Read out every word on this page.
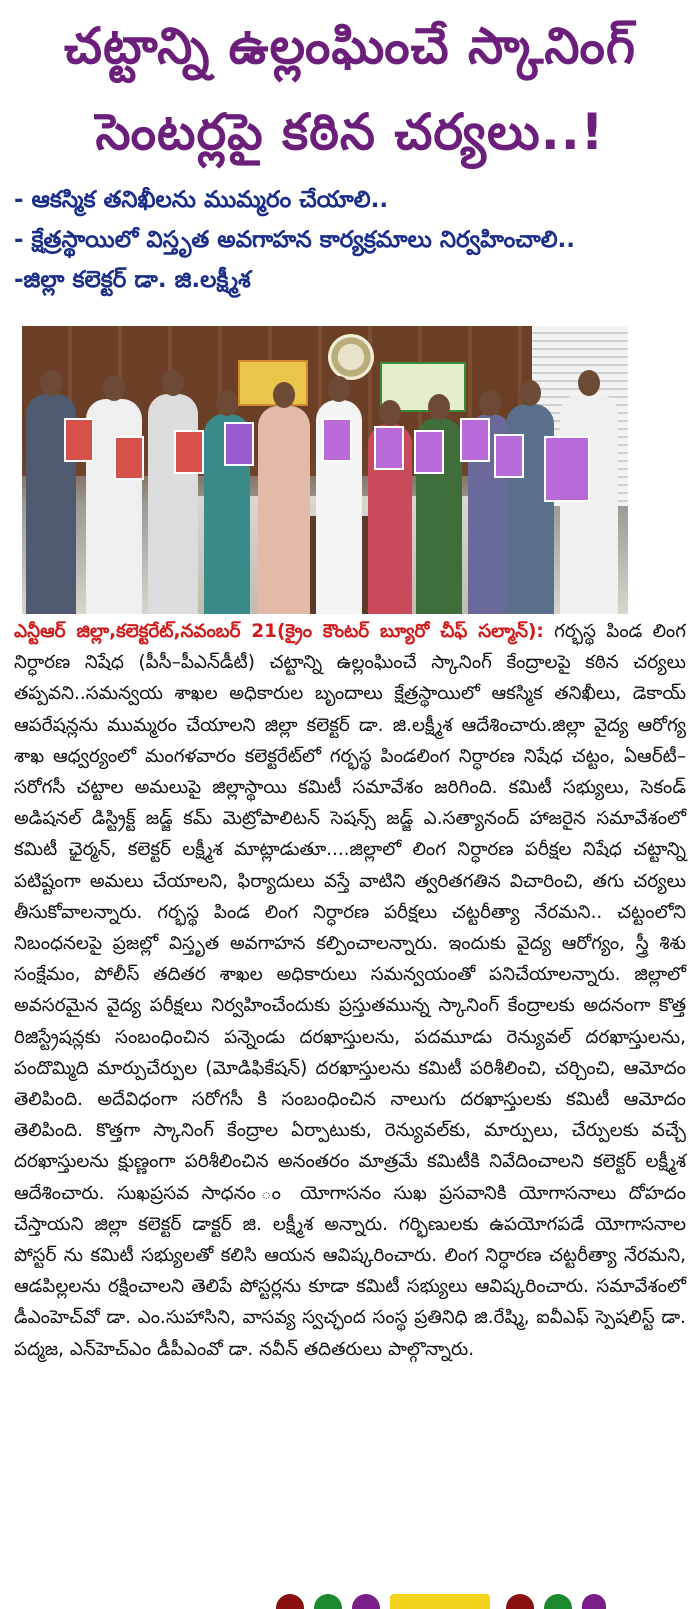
చట్టాన్ని ఉల్లంఘించే స్కానింగ్
సెంటర్లపై కఠిన చర్యలు..!
- ఆకస్మిక తనిఖీలను ముమ్మరం చేయాలి..
- క్షేత్రస్థాయిలో విస్తృత అవగాహన కార్యక్రమాలు నిర్వహించాలి..
-జిల్లా కలెక్టర్ డా. జి.లక్ష్మీశ
ఎన్టీఆర్ జిల్లా,కలెక్టరేట్,నవంబర్ 21(క్రైం కౌంటర్ బ్యూరో చీఫ్ సల్మాన్): గర్భస్థ పిండ లింగ నిర్ధారణ నిషేధ (పీసీ–పీఎన్‌డీటీ) చట్టాన్ని ఉల్లంఘించే స్కానింగ్ కేంద్రాలపై కఠిన చర్యలు తప్పవని..సమన్వయ శాఖల అధికారుల బృందాలు క్షేత్రస్థాయిలో ఆకస్మిక తనిఖీలు, డెకాయ్ ఆపరేషన్లను ముమ్మరం చేయాలని జిల్లా కలెక్టర్ డా. జి.లక్ష్మీశ ఆదేశించారు.జిల్లా వైద్య ఆరోగ్య శాఖ ఆధ్వర్యంలో మంగళవారం కలెక్టరేట్‌లో గర్భస్థ పిండలింగ నిర్ధారణ నిషేధ చట్టం, ఏఆర్‌టీ–సరోగసీ చట్టాల అమలుపై జిల్లాస్థాయి కమిటీ సమావేశం జరిగింది. కమిటీ సభ్యులు, సెకండ్ అడిషనల్ డిస్ట్రిక్ట్ జడ్జ్ కమ్ మెట్రోపాలిటన్ సెషన్స్ జడ్జ్ ఎ.సత్యానంద్ హాజరైన సమావేశంలో కమిటీ ఛైర్మన్, కలెక్టర్ లక్ష్మీశ మాట్లాడుతూ....జిల్లాలో లింగ నిర్ధారణ పరీక్షల నిషేధ చట్టాన్ని పటిష్టంగా అమలు చేయాలని, ఫిర్యాదులు వస్తే వాటిని త్వరితగతిన విచారించి, తగు చర్యలు తీసుకోవాలన్నారు. గర్భస్థ పిండ లింగ నిర్ధారణ పరీక్షలు చట్టరీత్యా నేరమని.. చట్టంలోని నిబంధనలపై ప్రజల్లో విస్తృత అవగాహన కల్పించాలన్నారు. ఇందుకు వైద్య ఆరోగ్యం, స్త్రీ శిశు సంక్షేమం, పోలీస్ తదితర శాఖల అధికారులు సమన్వయంతో పనిచేయాలన్నారు. జిల్లాలో అవసరమైన వైద్య పరీక్షలు నిర్వహించేందుకు ప్రస్తుతమున్న స్కానింగ్ కేంద్రాలకు అదనంగా కొత్త రిజిస్ట్రేషన్లకు సంబంధించిన పన్నెండు దరఖాస్తులను, పదమూడు రెన్యువల్ దరఖాస్తులను, పందొమ్మిది మార్పుచేర్పుల (మోడిఫికేషన్) దరఖాస్తులను కమిటీ పరిశీలించి, చర్చించి, ఆమోదం తెలిపింది. అదేవిధంగా సరోగసీ కి సంబంధించిన నాలుగు దరఖాస్తులకు కమిటీ ఆమోదం తెలిపింది. కొత్తగా స్కానింగ్ కేంద్రాల ఏర్పాటుకు, రెన్యువల్‌కు, మార్పులు, చేర్పులకు వచ్చే దరఖాస్తులను క్షుణ్ణంగా పరిశీలించిన అనంతరం మాత్రమే కమిటీకి నివేదించాలని కలెక్టర్ లక్ష్మీశ ఆదేశించారు. సుఖప్రసవ సాధనం ం యోగాసనం సుఖ ప్రసవానికి యోగాసనాలు దోహదం చేస్తాయని జిల్లా కలెక్టర్ డాక్టర్ జి. లక్ష్మీశ అన్నారు. గర్భిణులకు ఉపయోగపడే యోగాసనాల పోస్టర్ ను కమిటీ సభ్యులతో కలిసి ఆయన ఆవిష్కరించారు. లింగ నిర్ధారణ చట్టరీత్యా నేరమని, ఆడపిల్లలను రక్షించాలని తెలిపే పోస్టర్లను కూడా కమిటీ సభ్యులు ఆవిష్కరించారు. సమావేశంలో డీఎంహెచ్‌వో డా. ఎం.సుహాసిని, వాసవ్య స్వచ్ఛంద సంస్థ ప్రతినిధి జి.రేష్మి, ఐవీఎఫ్ స్పెషలిస్ట్ డా. పద్మజ, ఎన్‌హెచ్ఎం డీపీఎంవో డా. నవీన్ తదితరులు పాల్గొన్నారు.
